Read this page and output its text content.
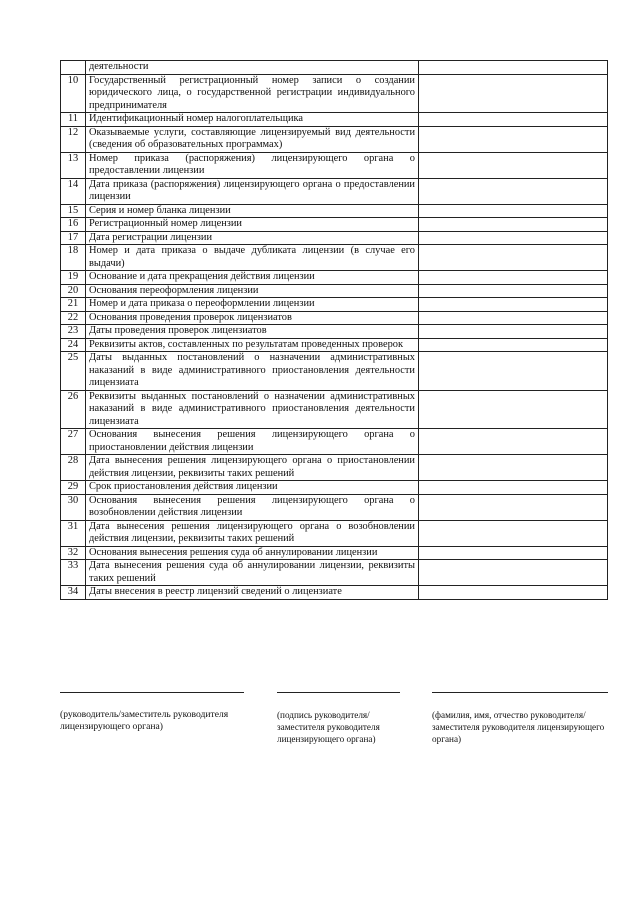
	деятельности	
10	Государственный регистрационный номер записи о создании юридического лица, о государственной регистрации индивидуального предпринимателя	
11	Идентификационный номер налогоплательщика	
12	Оказываемые услуги, составляющие лицензируемый вид деятельности (сведения об образовательных программах)	
13	Номер приказа (распоряжения) лицензирующего органа о предоставлении лицензии	
14	Дата приказа (распоряжения) лицензирующего органа о предоставлении лицензии	
15	Серия и номер бланка лицензии	
16	Регистрационный номер лицензии	
17	Дата регистрации лицензии	
18	Номер и дата приказа о выдаче дубликата лицензии (в случае его выдачи)	
19	Основание и дата прекращения действия лицензии	
20	Основания переоформления лицензии	
21	Номер и дата приказа о переоформлении лицензии	
22	Основания проведения проверок лицензиатов	
23	Даты проведения проверок лицензиатов	
24	Реквизиты актов, составленных по результатам проведенных проверок	
25	Даты выданных постановлений о назначении административных наказаний в виде административного приостановления деятельности лицензиата	
26	Реквизиты выданных постановлений о назначении административных наказаний в виде административного приостановления деятельности лицензиата	
27	Основания вынесения решения лицензирующего органа о приостановлении действия лицензии	
28	Дата вынесения решения лицензирующего органа о приостановлении действия лицензии, реквизиты таких решений	
29	Срок приостановления действия лицензии	
30	Основания вынесения решения лицензирующего органа о возобновлении действия лицензии	
31	Дата вынесения решения лицензирующего органа о возобновлении действия лицензии, реквизиты таких решений	
32	Основания вынесения решения суда об аннулировании лицензии	
33	Дата вынесения решения суда об аннулировании лицензии, реквизиты таких решений	
34	Даты внесения в реестр лицензий сведений о лицензиате	
(руководитель/заместитель руководителя лицензирующего органа)
(подпись руководителя/заместителя руководителя лицензирующего органа)
(фамилия, имя, отчество руководителя/заместителя руководителя лицензирующего органа)
